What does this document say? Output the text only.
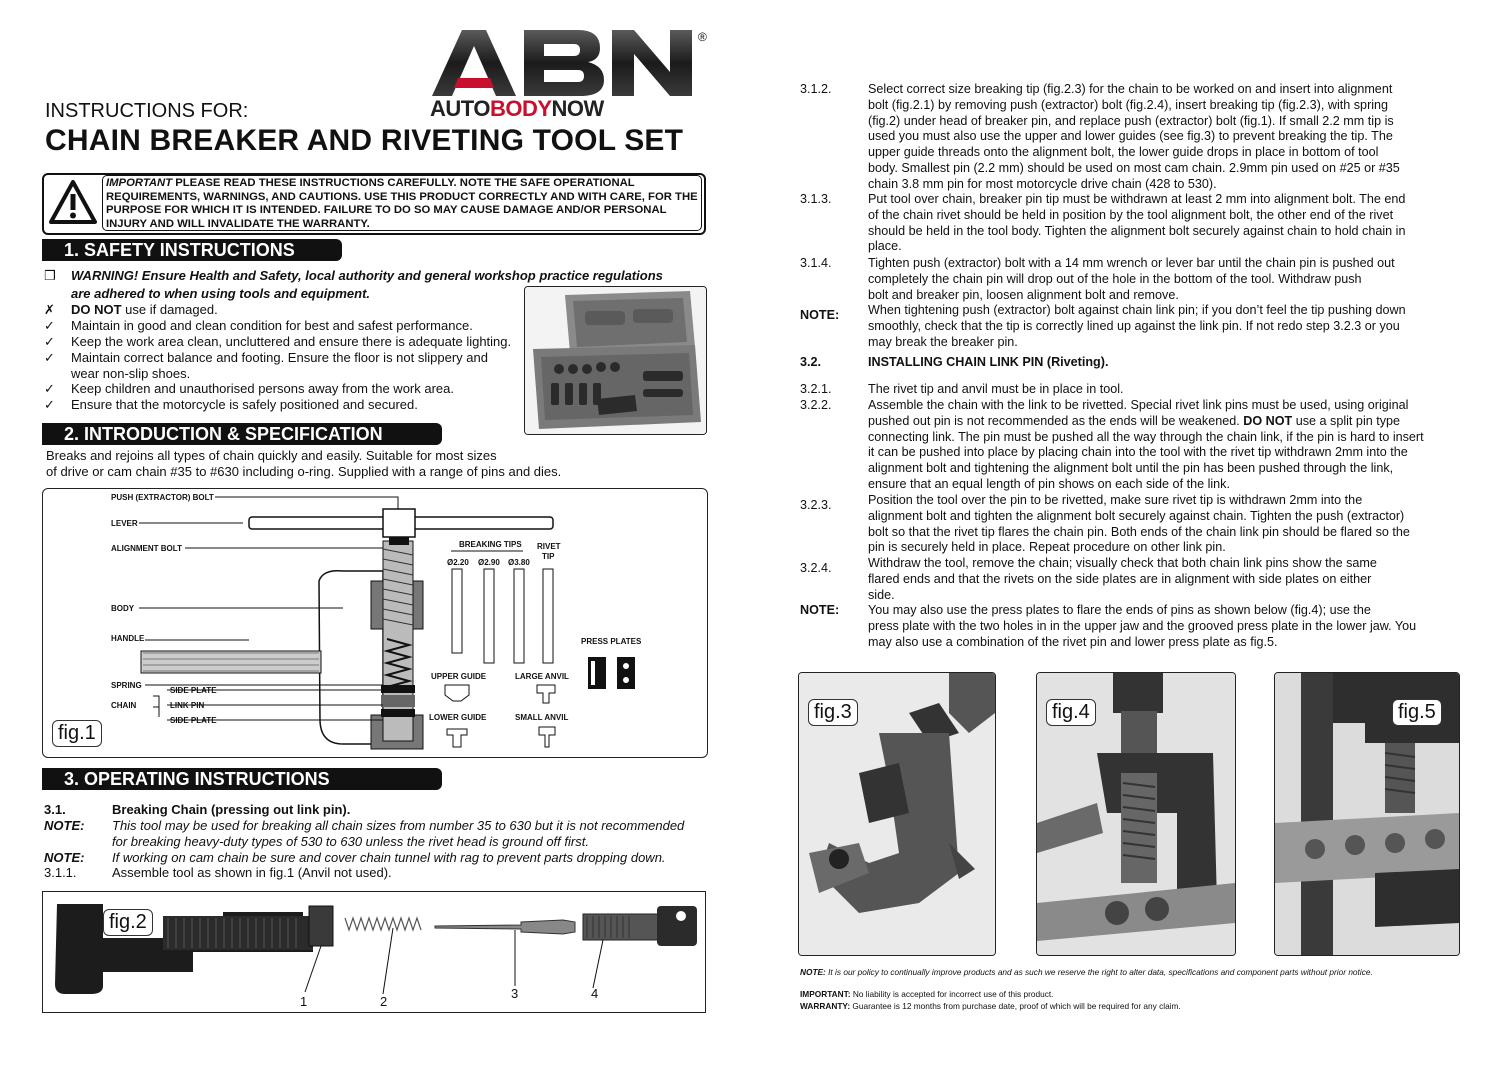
AUTOBODYNOW
®
INSTRUCTIONS FOR:
CHAIN BREAKER AND RIVETING TOOL SET
IMPORTANT PLEASE READ THESE INSTRUCTIONS CAREFULLY. NOTE THE SAFE OPERATIONAL REQUIREMENTS, WARNINGS, AND CAUTIONS. USE THIS PRODUCT CORRECTLY AND WITH CARE, FOR THE PURPOSE FOR WHICH IT IS INTENDED. FAILURE TO DO SO MAY CAUSE DAMAGE AND/OR PERSONAL INJURY AND WILL INVALIDATE THE WARRANTY.
1. SAFETY INSTRUCTIONS
❒	WARNING! Ensure Health and Safety, local authority and general workshop practice regulations
are adhered to when using tools and equipment.
✗	DO NOT use if damaged.
✓	Maintain in good and clean condition for best and safest performance.
✓	Keep the work area clean, uncluttered and ensure there is adequate lighting.
✓	Maintain correct balance and footing. Ensure the floor is not slippery and
wear non-slip shoes.
✓	Keep children and unauthorised persons away from the work area.
✓	Ensure that the motorcycle is safely positioned and secured.
2. INTRODUCTION & SPECIFICATION
Breaks and rejoins all types of chain quickly and easily. Suitable for most sizes
of drive or cam chain #35 to #630 including o-ring. Supplied with a range of pins and dies.
PUSH (EXTRACTOR) BOLT
LEVER
ALIGNMENT BOLT
BODY
HANDLE
SPRING
CHAIN
SIDE PLATE
LINK PIN
SIDE PLATE
BREAKING TIPS
Ø2.20 Ø2.90 Ø3.80
RIVET
TIP
PRESS PLATES
UPPER GUIDE	LARGE ANVIL
LOWER GUIDE	SMALL ANVIL
fig.1
3. OPERATING INSTRUCTIONS
3.1.	Breaking Chain (pressing out link pin).
NOTE: This tool may be used for breaking all chain sizes from number 35 to 630 but it is not recommended
for breaking heavy-duty types of 530 to 630 unless the rivet head is ground off first.
NOTE: If working on cam chain be sure and cover chain tunnel with rag to prevent parts dropping down.
3.1.1.	Assemble tool as shown in fig.1 (Anvil not used).
fig.2
1	2
3	4
3.1.2.	Select correct size breaking tip (fig.2.3) for the chain to be worked on and insert into alignment
bolt (fig.2.1) by removing push (extractor) bolt (fig.2.4), insert breaking tip (fig.2.3), with spring
(fig.2) under head of breaker pin, and replace push (extractor) bolt (fig.1). If small 2.2 mm tip is
used you must also use the upper and lower guides (see fig.3) to prevent breaking the tip. The
upper guide threads onto the alignment bolt, the lower guide drops in place in bottom of tool
body. Smallest pin (2.2 mm) should be used on most cam chain. 2.9mm pin used on #25 or #35
chain 3.8 mm pin for most motorcycle drive chain (428 to 530).
3.1.3.	Put tool over chain, breaker pin tip must be withdrawn at least 2 mm into alignment bolt. The end
of the chain rivet should be held in position by the tool alignment bolt, the other end of the rivet
should be held in the tool body. Tighten the alignment bolt securely against chain to hold chain in
place.
3.1.4.	Tighten push (extractor) bolt with a 14 mm wrench or lever bar until the chain pin is pushed out
completely the chain pin will drop out of the hole in the bottom of the tool. Withdraw push
bolt and breaker pin, loosen alignment bolt and remove.
NOTE:	When tightening push (extractor) bolt against chain link pin; if you don’t feel the tip pushing down
smoothly, check that the tip is correctly lined up against the link pin. If not redo step 3.2.3 or you
may break the breaker pin.
3.2.	INSTALLING CHAIN LINK PIN (Riveting).
3.2.1.	The rivet tip and anvil must be in place in tool.
3.2.2.	Assemble the chain with the link to be rivetted. Special rivet link pins must be used, using original
pushed out pin is not recommended as the ends will be weakened. DO NOT use a split pin type
connecting link. The pin must be pushed all the way through the chain link, if the pin is hard to insert
it can be pushed into place by placing chain into the tool with the rivet tip withdrawn 2mm into the
alignment bolt and tightening the alignment bolt until the pin has been pushed through the link,
ensure that an equal length of pin shows on each side of the link.
3.2.3.	Position the tool over the pin to be rivetted, make sure rivet tip is withdrawn 2mm into the
alignment bolt and tighten the alignment bolt securely against chain. Tighten the push (extractor)
bolt so that the rivet tip flares the chain pin. Both ends of the chain link pin should be flared so the
pin is securely held in place. Repeat procedure on other link pin.
3.2.4.	Withdraw the tool, remove the chain; visually check that both chain link pins show the same
flared ends and that the rivets on the side plates are in alignment with side plates on either
side.
NOTE:	You may also use the press plates to flare the ends of pins as shown below (fig.4); use the
press plate with the two holes in in the upper jaw and the grooved press plate in the lower jaw. You
may also use a combination of the rivet pin and lower press plate as fig.5.
fig.3	fig.4	fig.5
NOTE: It is our policy to continually improve products and as such we reserve the right to alter data, specifications and component parts without prior notice.
IMPORTANT: No liability is accepted for incorrect use of this product.
WARRANTY: Guarantee is 12 months from purchase date, proof of which will be required for any claim.
